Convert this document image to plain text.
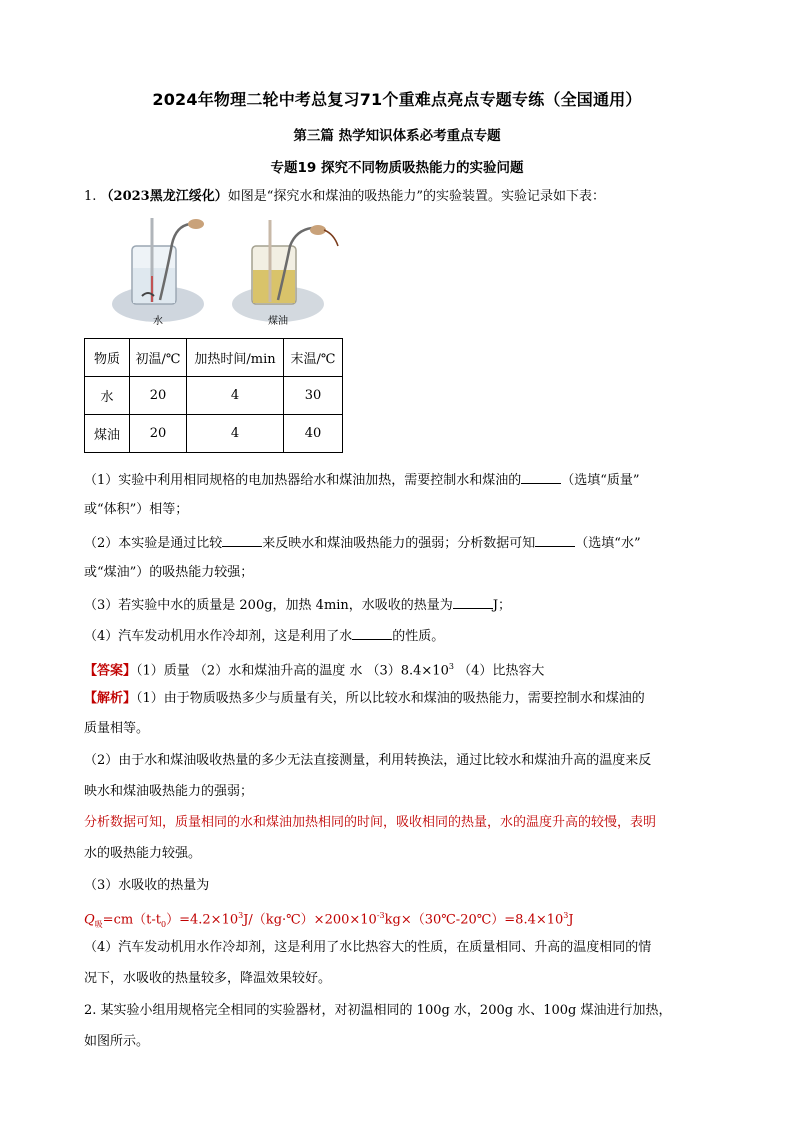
2024年物理二轮中考总复习71个重难点亮点专题专练（全国通用）
第三篇 热学知识体系必考重点专题
专题19 探究不同物质吸热能力的实验问题
1. （2023黑龙江绥化）如图是“探究水和煤油的吸热能力”的实验装置。实验记录如下表：
水	煤油
物质	初温/℃	加热时间/min	末温/℃
水	20	4	30
煤油	20	4	40
（1）实验中利用相同规格的电加热器给水和煤油加热，需要控制水和煤油的	（选填“质量”
或“体积”）相等；
（2）本实验是通过比较	来反映水和煤油吸热能力的强弱；分析数据可知	（选填“水”
或“煤油”）的吸热能力较强；
（3）若实验中水的质量是 200g，加热 4min，水吸收的热量为	J；
（4）汽车发动机用水作冷却剂，这是利用了水	的性质。
【答案】（1）质量 （2）水和煤油升高的温度 水 $(3)8.4\times 10^3$ （4）比热容大
【解析】（1）由于物质吸热多少与质量有关，所以比较水和煤油的吸热能力，需要控制水和煤油的
质量相等。
（2）由于水和煤油吸收热量的多少无法直接测量，利用转换法，通过比较水和煤油升高的温度来反
映水和煤油吸热能力的强弱；
分析数据可知，质量相同的水和煤油加热相同的时间，吸收相同的热量，水的温度升高的较慢，表明
水的吸热能力较强。
（3）水吸收的热量为
$Q_吸=cm(t-t_0)=4.2\times 10^3J/(kg\cdot℃)\times 200\times 10^{-3}kg\times(30℃-20℃)=8.4\times 10^3J$
（4）汽车发动机用水作冷却剂，这是利用了水比热容大的性质，在质量相同、升高的温度相同的情
况下，水吸收的热量较多，降温效果较好。
2. 某实验小组用规格完全相同的实验器材，对初温相同的 100g 水，200g 水、100g 煤油进行加热，
如图所示。
